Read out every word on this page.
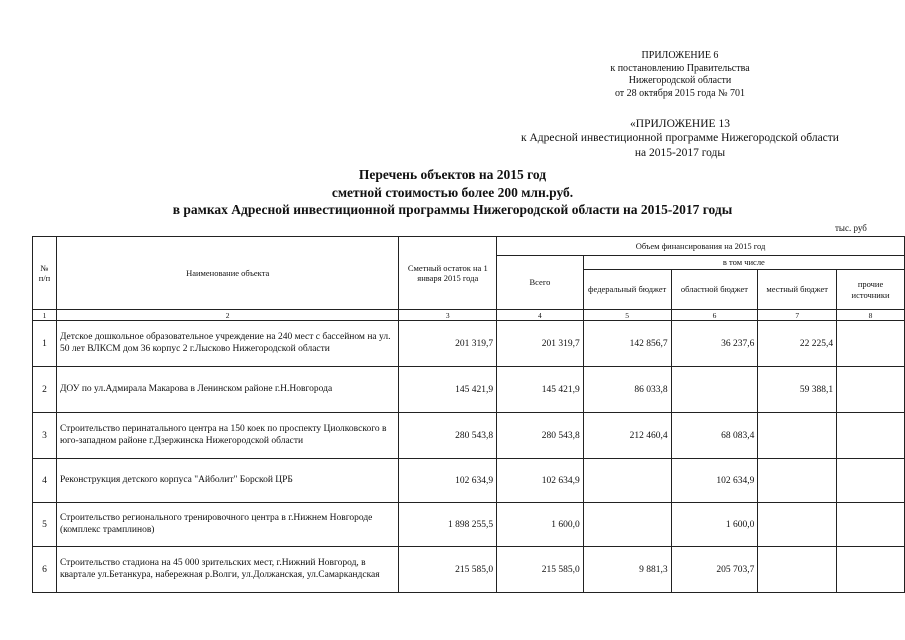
ПРИЛОЖЕНИЕ 6
к постановлению Правительства
Нижегородской области
от 28 октября 2015 года № 701
«ПРИЛОЖЕНИЕ 13
к Адресной инвестиционной программе Нижегородской области
на 2015-2017 годы
Перечень объектов на 2015 год
сметной стоимостью более 200 млн.руб.
в рамках Адресной инвестиционной программы Нижегородской области на 2015-2017 годы
тыс. руб
№ п/п	Наименование объекта	Сметный остаток на 1 января 2015 года	Объем финансирования на 2015 год				
			Всего	в том числе			
				федеральный бюджет	областной бюджет	местный бюджет	прочие источники
1	2	3	4	5	6	7	8
1	Детское дошкольное образовательное учреждение на 240 мест с бассейном на ул. 50 лет ВЛКСМ дом 36 корпус 2 г.Лысково Нижегородской области	201 319,7	201 319,7	142 856,7	36 237,6	22 225,4	
2	ДОУ по ул.Адмирала Макарова в Ленинском районе г.Н.Новгорода	145 421,9	145 421,9	86 033,8		59 388,1	
3	Строительство перинатального центра на 150 коек по проспекту Циолковского в юго-западном районе г.Дзержинска Нижегородской области	280 543,8	280 543,8	212 460,4	68 083,4		
4	Реконструкция детского корпуса "Айболит" Борской ЦРБ	102 634,9	102 634,9		102 634,9		
5	Строительство регионального тренировочного центра в г.Нижнем Новгороде (комплекс трамплинов)	1 898 255,5	1 600,0		1 600,0		
6	Строительство стадиона на 45 000 зрительских мест, г.Нижний Новгород, в квартале ул.Бетанкура, набережная р.Волги, ул.Должанская, ул.Самаркандская	215 585,0	215 585,0	9 881,3	205 703,7		
